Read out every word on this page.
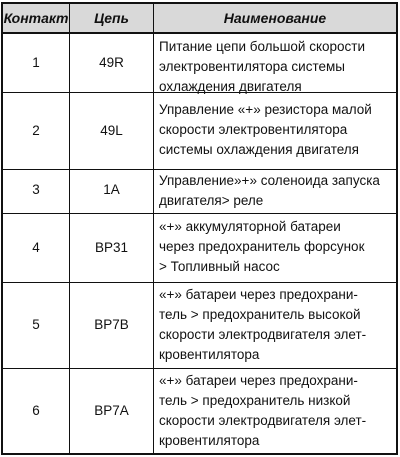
Контакт	Цепь	Наименование
1	49R
Питание цепи большой скорости
электровентилятора системы
охлаждения двигателя
2	49L
Управление «+» резистора малой
скорости электровентилятора
системы охлаждения двигателя
3	1A
Управление»+» соленоида запуска
двигателя> реле
4	BP31
«+» аккумуляторной батареи
через предохранитель форсунок
> Топливный насос
5	BP7B
«+» батареи через предохрани-
тель > предохранитель высокой
скорости электродвигателя элет-
кровентилятора
6	BP7A
«+» батареи через предохрани-
тель > предохранитель низкой
скорости электродвигателя элет-
кровентилятора
